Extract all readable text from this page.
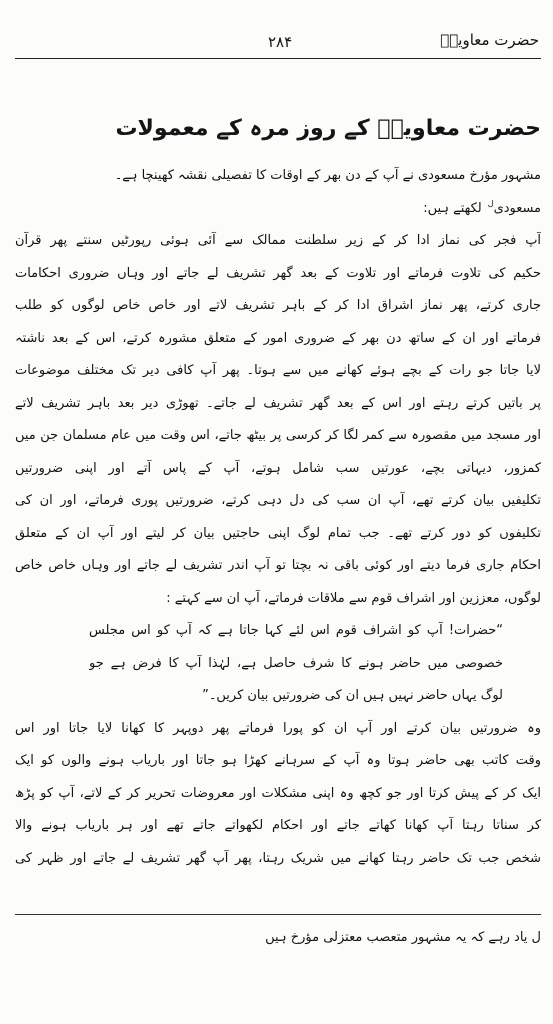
حضرت معاویہؓ
۲۸۴
حضرت معاویہؓ کے روز مرہ کے معمولات
مشہور مؤرخ مسعودی نے آپ کے دن بھر کے اوقات کا تفصیلی نقشہ کھینچا ہے۔
مسعودی‌ $^ل$ ‌لکھتے ہیں:
آپ فجر کی نماز ادا کر کے زیر سلطنت ممالک سے آئی ہوئی رپورٹیں سنتے پھر قرآن
حکیم کی تلاوت فرماتے اور تلاوت کے بعد گھر تشریف لے جاتے اور وہاں ضروری احکامات
جاری کرتے، پھر نماز اشراق ادا کر کے باہر تشریف لاتے اور خاص خاص لوگوں کو طلب
فرماتے اور ان کے ساتھ دن بھر کے ضروری امور کے متعلق مشورہ کرتے، اس کے بعد ناشتہ
لایا جاتا جو رات کے بچے ہوئے کھانے میں سے ہوتا۔ پھر آپ کافی دیر تک مختلف موضوعات
پر باتیں کرتے رہتے اور اس کے بعد گھر تشریف لے جاتے۔ تھوڑی دیر بعد باہر تشریف لاتے
اور مسجد میں مقصورہ سے کمر لگا کر کرسی پر بیٹھ جاتے، اس وقت میں عام مسلمان جن میں
کمزور، دیہاتی بچے، عورتیں سب شامل ہوتے، آپ کے پاس آتے اور اپنی ضرورتیں
تکلیفیں بیان کرتے تھے، آپ ان سب کی دل دہی کرتے، ضرورتیں پوری فرماتے، اور ان کی
تکلیفوں کو دور کرتے تھے۔ جب تمام لوگ اپنی حاجتیں بیان کر لیتے اور آپ ان کے متعلق
احکام جاری فرما دیتے اور کوئی باقی نہ بچتا تو آپ اندر تشریف لے جاتے اور وہاں خاص خاص
لوگوں، معززین اور اشراف قوم سے ملاقات فرماتے، آپ ان سے کہتے :
“حضرات! آپ کو اشراف قوم اس لئے کہا جاتا ہے کہ آپ کو اس مجلس
خصوصی میں حاضر ہونے کا شرف حاصل ہے، لہٰذا آپ کا فرض ہے جو
لوگ یہاں حاضر نہیں ہیں ان کی ضرورتیں بیان کریں۔”
وہ ضرورتیں بیان کرتے اور آپ ان کو پورا فرماتے پھر دوپہر کا کھانا لایا جاتا اور اس
وقت کاتب بھی حاضر ہوتا وہ آپ کے سرہانے کھڑا ہو جاتا اور باریاب ہونے والوں کو ایک
ایک کر کے پیش کرتا اور جو کچھ وہ اپنی مشکلات اور معروضات تحریر کر کے لاتے، آپ کو پڑھ
کر سناتا رہتا آپ کھانا کھاتے جاتے اور احکام لکھواتے جاتے تھے اور ہر باریاب ہونے والا
شخص جب تک حاضر رہتا کھانے میں شریک رہتا، پھر آپ گھر تشریف لے جاتے اور ظہر کی
ل یاد رہے کہ یہ مشہور متعصب معتزلی مؤرخ ہیں
